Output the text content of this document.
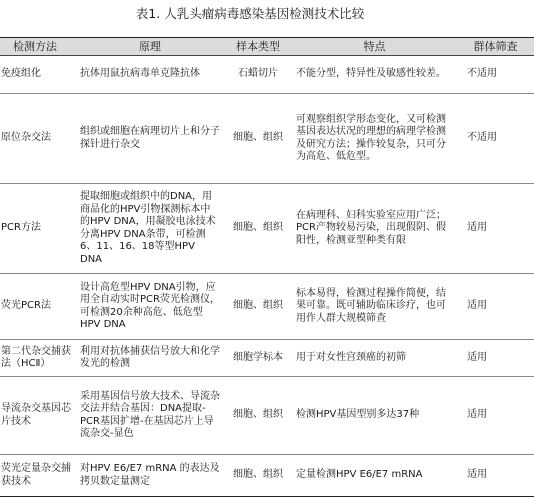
表1. 人乳头瘤病毒感染基因检测技术比较
检测方法	原理	样本类型	特点	群体筛查
免疫组化	抗体用鼠抗病毒单克隆抗体	石蜡切片	不能分型，特异性及敏感性较差。	不适用
原位杂交法	组织或细胞在病理切片上和分子探针进行杂交	细胞、组织	可观察组织学形态变化，又可检测基因表达状况的理想的病理学检测及研究方法；操作较复杂，只可分为高危、低危型。	不适用
PCR方法	提取细胞或组织中的DNA，用商品化的HPV引物探测标本中的HPV DNA，用凝胶电泳技术分离HPV DNA条带，可检测6、11、16、18等型HPV DNA	细胞、组织	在病理科、妇科实验室应用广泛；PCR产物较易污染，出现假阴、假阳性，检测亚型种类有限	适用
荧光PCR法	设计高危型HPV DNA引物，应用全自动实时PCR荧光检测仪，可检测20余种高危、低危型HPV DNA	细胞、组织	标本易得，检测过程操作简便，结果可靠。既可辅助临床诊疗，也可用作人群大规模筛查	适用
第二代杂交捕获法（HCⅡ）	利用对抗体捕获信号放大和化学发光的检测	细胞学标本	用于对女性宫颈癌的初筛	适用
导流杂交基因芯片技术	采用基因信号放大技术、导流杂交法并结合基因：DNA提取-PCR基因扩增-在基因芯片上导流杂交-显色	细胞、组织	检测HPV基因型别多达37种	适用
荧光定量杂交捕获技术	对HPV E6/E7 mRNA 的表达及拷贝数定量测定	细胞、组织	定量检测HPV E6/E7 mRNA	适用
